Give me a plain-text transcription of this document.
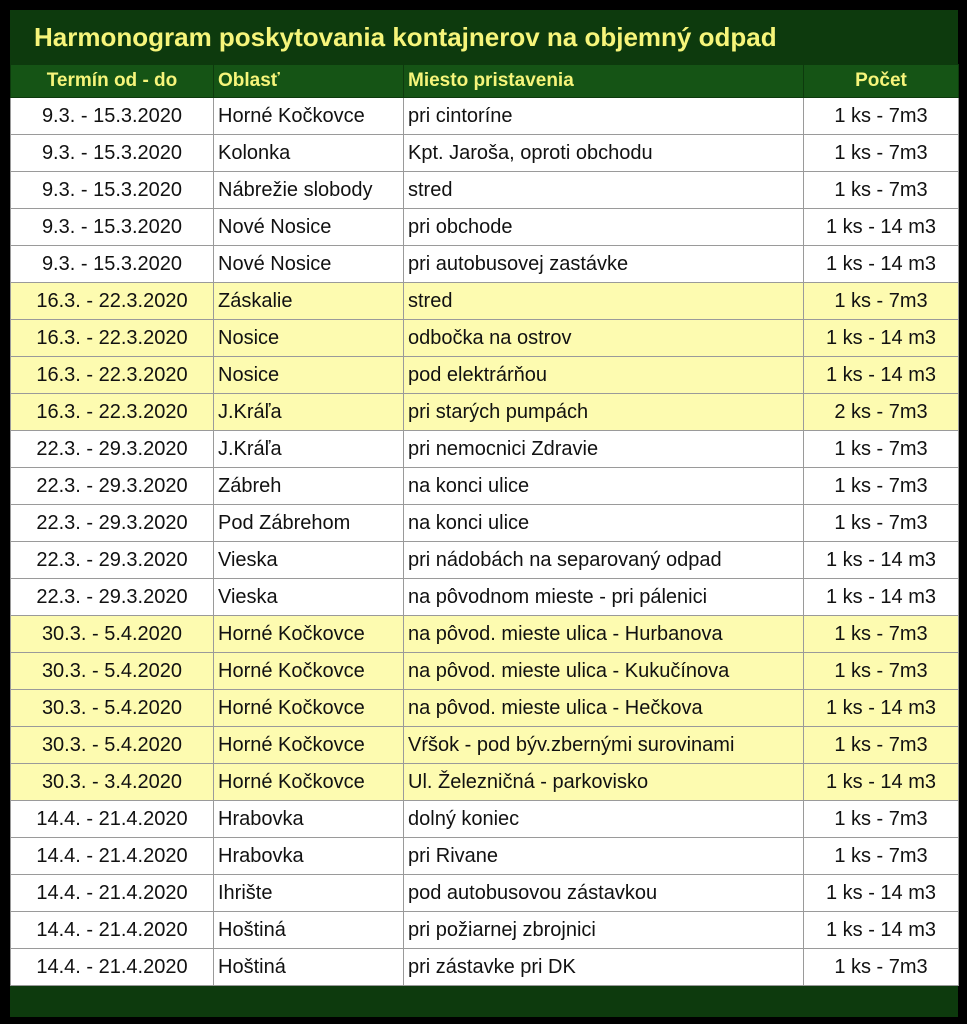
Harmonogram poskytovania kontajnerov na objemný odpad
Termín od - do	Oblasť	Miesto pristavenia	Počet
9.3. - 15.3.2020	Horné Kočkovce	pri cintoríne	1 ks - 7m3
9.3. - 15.3.2020	Kolonka	Kpt. Jaroša, oproti obchodu	1 ks - 7m3
9.3. - 15.3.2020	Nábrežie slobody	stred	1 ks - 7m3
9.3. - 15.3.2020	Nové Nosice	pri obchode	1 ks - 14 m3
9.3. - 15.3.2020	Nové Nosice	pri autobusovej zastávke	1 ks - 14 m3
16.3. - 22.3.2020	Záskalie	stred	1 ks - 7m3
16.3. - 22.3.2020	Nosice	odbočka na ostrov	1 ks - 14 m3
16.3. - 22.3.2020	Nosice	pod elektrárňou	1 ks - 14 m3
16.3. - 22.3.2020	J.Kráľa	pri starých pumpách	2 ks - 7m3
22.3. - 29.3.2020	J.Kráľa	pri nemocnici Zdravie	1 ks - 7m3
22.3. - 29.3.2020	Zábreh	na konci ulice	1 ks - 7m3
22.3. - 29.3.2020	Pod Zábrehom	na konci ulice	1 ks - 7m3
22.3. - 29.3.2020	Vieska	pri nádobách na separovaný odpad	1 ks - 14 m3
22.3. - 29.3.2020	Vieska	na pôvodnom mieste - pri pálenici	1 ks - 14 m3
30.3. - 5.4.2020	Horné Kočkovce	na pôvod. mieste ulica - Hurbanova	1 ks - 7m3
30.3. - 5.4.2020	Horné Kočkovce	na pôvod. mieste ulica - Kukučínova	1 ks - 7m3
30.3. - 5.4.2020	Horné Kočkovce	na pôvod. mieste ulica - Hečkova	1 ks - 14 m3
30.3. - 5.4.2020	Horné Kočkovce	Vŕšok - pod býv.zbernými surovinami	1 ks - 7m3
30.3. - 3.4.2020	Horné Kočkovce	Ul. Železničná - parkovisko	1 ks - 14 m3
14.4. - 21.4.2020	Hrabovka	dolný koniec	1 ks - 7m3
14.4. - 21.4.2020	Hrabovka	pri Rivane	1 ks - 7m3
14.4. - 21.4.2020	Ihrište	pod autobusovou zástavkou	1 ks - 14 m3
14.4. - 21.4.2020	Hoštiná	pri požiarnej zbrojnici	1 ks - 14 m3
14.4. - 21.4.2020	Hoštiná	pri zástavke pri DK	1 ks - 7m3
